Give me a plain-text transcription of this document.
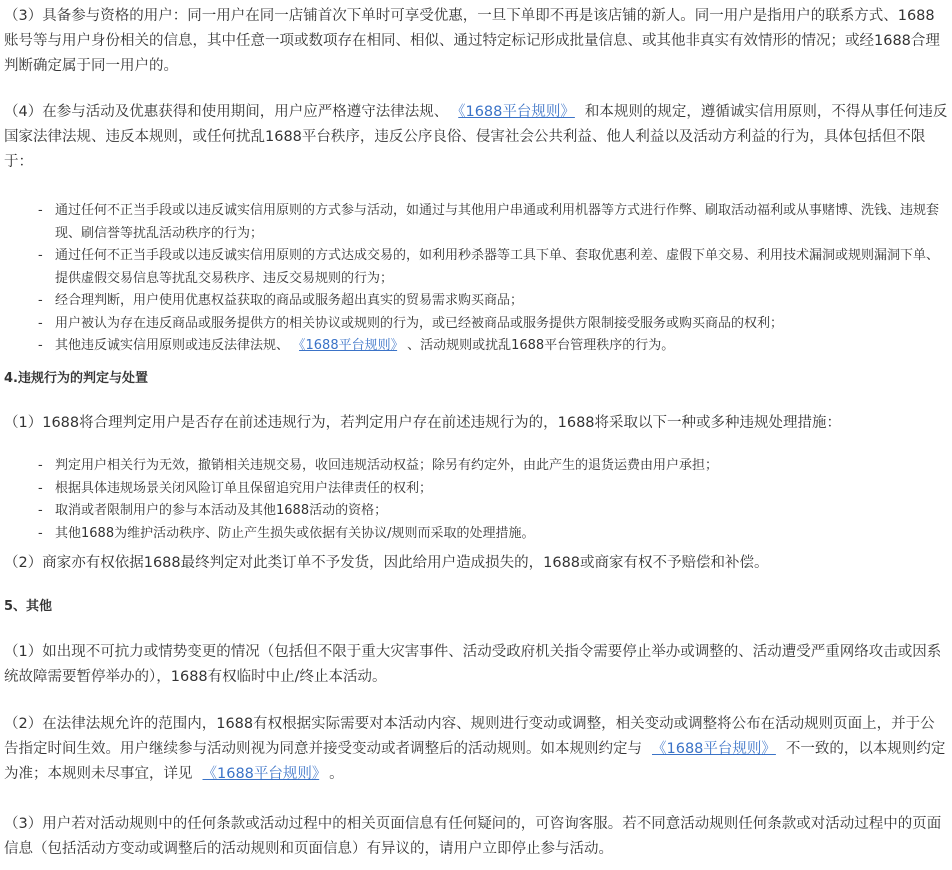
（3）具备参与资格的用户：同一用户在同一店铺首次下单时可享受优惠，一旦下单即不再是该店铺的新人。同一用户是指用户的联系方式、1688账号等与用户身份相关的信息，其中任意一项或数项存在相同、相似、通过特定标记形成批量信息、或其他非真实有效情形的情况；或经1688合理判断确定属于同一用户的。

（4）在参与活动及优惠获得和使用期间，用户应严格遵守法律法规、 《1688平台规则》 和本规则的规定，遵循诚实信用原则，不得从事任何违反国家法律法规、违反本规则，或任何扰乱1688平台秩序，违反公序良俗、侵害社会公共利益、他人利益以及活动方利益的行为，具体包括但不限于：

- 通过任何不正当手段或以违反诚实信用原则的方式参与活动，如通过与其他用户串通或利用机器等方式进行作弊、刷取活动福利或从事赌博、洗钱、违规套现、刷信誉等扰乱活动秩序的行为；
- 通过任何不正当手段或以违反诚实信用原则的方式达成交易的，如利用秒杀器等工具下单、套取优惠利差、虚假下单交易、利用技术漏洞或规则漏洞下单、提供虚假交易信息等扰乱交易秩序、违反交易规则的行为；
- 经合理判断，用户使用优惠权益获取的商品或服务超出真实的贸易需求购买商品；
- 用户被认为存在违反商品或服务提供方的相关协议或规则的行为，或已经被商品或服务提供方限制接受服务或购买商品的权利；
- 其他违反诚实信用原则或违反法律法规、 《1688平台规则》 、活动规则或扰乱1688平台管理秩序的行为。
4.违规行为的判定与处置

（1）1688将合理判定用户是否存在前述违规行为，若判定用户存在前述违规行为的，1688将采取以下一种或多种违规处理措施：

- 判定用户相关行为无效，撤销相关违规交易，收回违规活动权益；除另有约定外，由此产生的退货运费由用户承担；
- 根据具体违规场景关闭风险订单且保留追究用户法律责任的权利；
- 取消或者限制用户的参与本活动及其他1688活动的资格；
- 其他1688为维护活动秩序、防止产生损失或依据有关协议/规则而采取的处理措施。

（2）商家亦有权依据1688最终判定对此类订单不予发货，因此给用户造成损失的，1688或商家有权不予赔偿和补偿。

5、其他

（1）如出现不可抗力或情势变更的情况（包括但不限于重大灾害事件、活动受政府机关指令需要停止举办或调整的、活动遭受严重网络攻击或因系统故障需要暂停举办的），1688有权临时中止/终止本活动。

（2）在法律法规允许的范围内，1688有权根据实际需要对本活动内容、规则进行变动或调整，相关变动或调整将公布在活动规则页面上，并于公告指定时间生效。用户继续参与活动则视为同意并接受变动或者调整后的活动规则。如本规则约定与 《1688平台规则》 不一致的，以本规则约定为准；本规则未尽事宜，详见 《1688平台规则》 。

（3）用户若对活动规则中的任何条款或活动过程中的相关页面信息有任何疑问的，可咨询客服。若不同意活动规则任何条款或对活动过程中的页面信息（包括活动方变动或调整后的活动规则和页面信息）有异议的，请用户立即停止参与活动。
